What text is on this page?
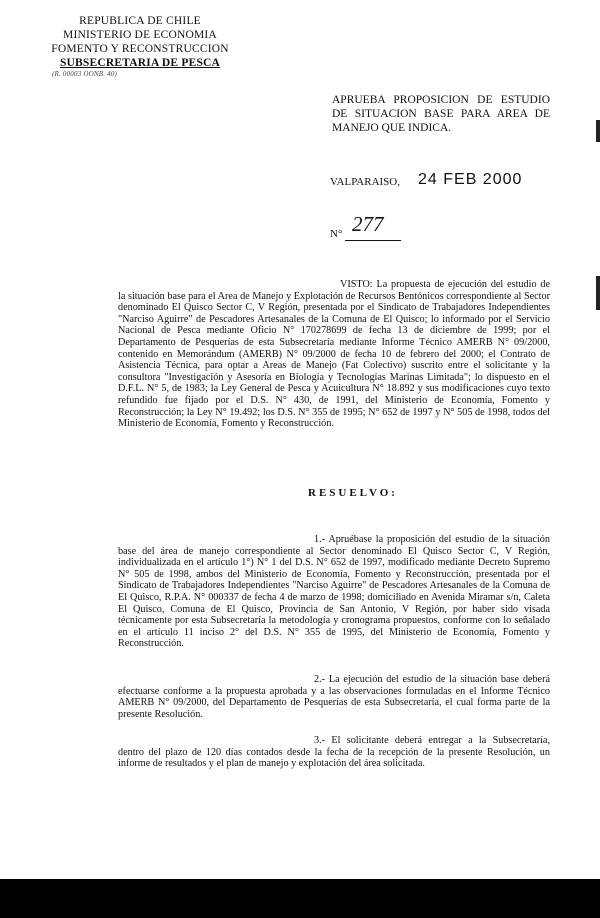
REPUBLICA DE CHILE
MINISTERIO DE ECONOMIA
FOMENTO Y RECONSTRUCCION
SUBSECRETARIA DE PESCA
(R. 00003 OONB. 40)
APRUEBA PROPOSICION DE ESTUDIO DE SITUACION BASE PARA AREA DE MANEJO QUE INDICA.
VALPARAISO, 24 FEB 2000
N° 277
VISTO: La propuesta de ejecución del estudio de la situación base para el Area de Manejo y Explotación de Recursos Bentónicos correspondiente al Sector denominado El Quisco Sector C, V Región, presentada por el Sindicato de Trabajadores Independientes "Narciso Aguirre" de Pescadores Artesanales de la Comuna de El Quisco; lo informado por el Servicio Nacional de Pesca mediante Oficio N° 170278699 de fecha 13 de diciembre de 1999; por el Departamento de Pesquerías de esta Subsecretaría mediante Informe Técnico AMERB N° 09/2000, contenido en Memorándum (AMERB) N° 09/2000 de fecha 10 de febrero del 2000; el Contrato de Asistencia Técnica, para optar a Areas de Manejo (Fat Colectivo) suscrito entre el solicitante y la consultora "Investigación y Asesoría en Biología y Tecnologías Marinas Limitada"; lo dispuesto en el D.F.L. N° 5, de 1983; la Ley General de Pesca y Acuicultura N° 18.892 y sus modificaciones cuyo texto refundido fue fijado por el D.S. N° 430, de 1991, del Ministerio de Economía, Fomento y Reconstrucción; la Ley N° 19.492; los D.S. N° 355 de 1995; N° 652 de 1997 y N° 505 de 1998, todos del Ministerio de Economía, Fomento y Reconstrucción.
RESUELVO:
1.- Apruébase la proposición del estudio de la situación base del área de manejo correspondiente al Sector denominado El Quisco Sector C, V Región, individualizada en el artículo 1°) N° 1 del D.S. N° 652 de 1997, modificado mediante Decreto Supremo N° 505 de 1998, ambos del Ministerio de Economía, Fomento y Reconstrucción, presentada por el Sindicato de Trabajadores Independientes "Narciso Aguirre" de Pescadores Artesanales de la Comuna de El Quisco, R.P.A. N° 000337 de fecha 4 de marzo de 1998; domiciliado en Avenida Miramar s/n, Caleta El Quisco, Comuna de El Quisco, Provincia de San Antonio, V Región, por haber sido visada técnicamente por esta Subsecretaría la metodología y cronograma propuestos, conforme con lo señalado en el artículo 11 inciso 2° del D.S. N° 355 de 1995, del Ministerio de Economía, Fomento y Reconstrucción.
2.- La ejecución del estudio de la situación base deberá efectuarse conforme a la propuesta aprobada y a las observaciones formuladas en el Informe Técnico AMERB N° 09/2000, del Departamento de Pesquerías de esta Subsecretaría, el cual forma parte de la presente Resolución.
3.- El solicitante deberá entregar a la Subsecretaría, dentro del plazo de 120 días contados desde la fecha de la recepción de la presente Resolución, un informe de resultados y el plan de manejo y explotación del área solicitada.
